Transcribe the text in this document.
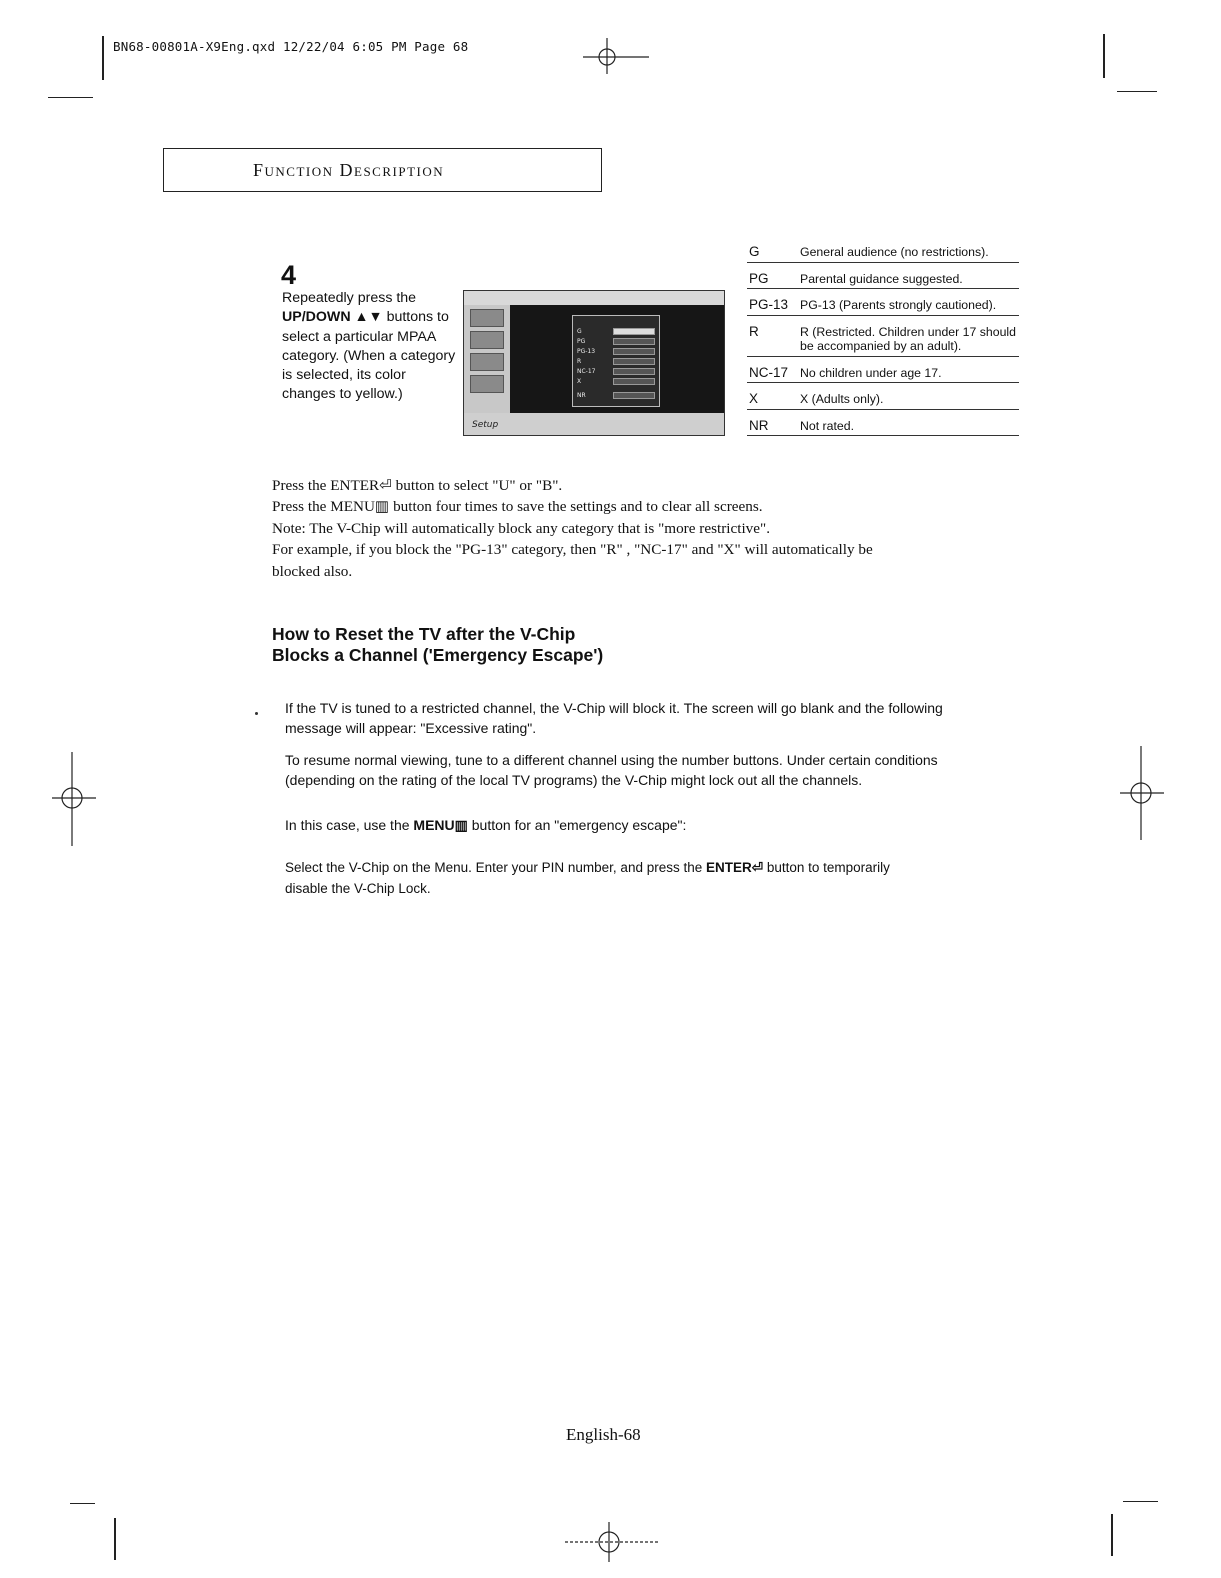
BN68-00801A-X9Eng.qxd 12/22/04 6:05 PM Page 68
Function Description
4
Repeatedly press the UP/DOWN ▲▼ buttons to select a particular MPAA category. (When a category is selected, its color changes to yellow.)
G
PG
PG-13
R
NC-17
X
NR
Setup
G	General audience (no restrictions).
PG	Parental guidance suggested.
PG-13 PG-13 (Parents strongly cautioned).
R	R (Restricted. Children under 17 should be accompanied by an adult).
NC-17 No children under age 17.
X	X (Adults only).
NR	Not rated.

Press the ENTER⏎ button to select "U" or "B".

Press the MENU▥ button four times to save the settings and to clear all screens.

Note: The V-Chip will automatically block any category that is "more restrictive".

For example, if you block the "PG-13" category, then "R" , "NC-17" and "X" will automatically be blocked also.

How to Reset the TV after the V-Chip
Blocks a Channel ('Emergency Escape')
If the TV is tuned to a restricted channel, the V-Chip will block it. The screen will go blank and the following message will appear: "Excessive rating".
To resume normal viewing, tune to a different channel using the number buttons. Under certain conditions (depending on the rating of the local TV programs) the V-Chip might lock out all the channels.
In this case, use the MENU▥ button for an "emergency escape":
Select the V-Chip on the Menu. Enter your PIN number, and press the ENTER⏎ button to temporarily disable the V-Chip Lock.
English-68
